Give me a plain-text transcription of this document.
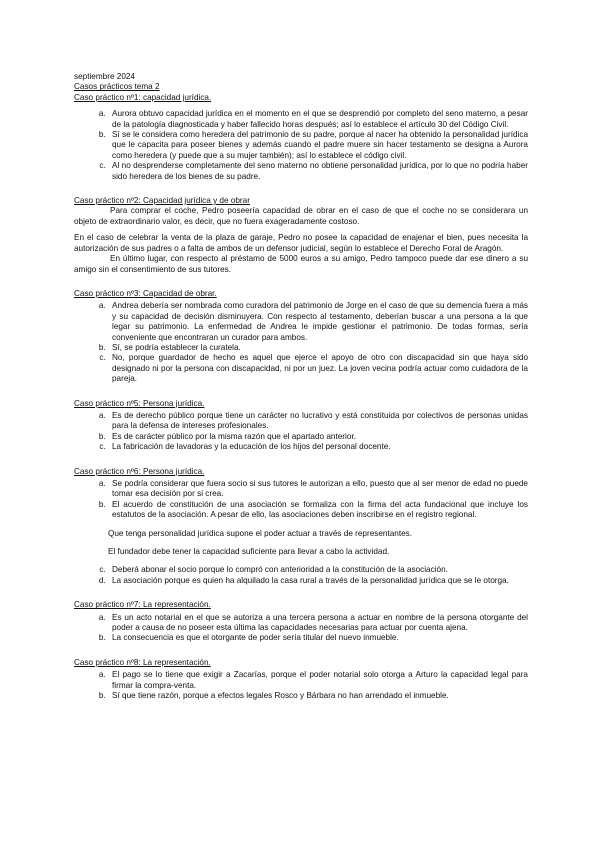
septiembre 2024

Casos prácticos tema 2

Caso práctico nº1: capacidad jurídica.

a. Aurora obtuvo capacidad jurídica en el momento en el que se desprendió por completo del seno materno, a pesar de la patología diagnosticada y haber fallecido horas después; así lo establece el artículo 30 del Código Civil.
b. Sí se le considera como heredera del patrimonio de su padre, porque al nacer ha obtenido la personalidad jurídica que le capacita para poseer bienes y además cuando el padre muere sin hacer testamento se designa a Aurora como heredera (y puede que a su mujer también); así lo establece el código civil.
c. Al no desprenderse completamente del seno materno no obtiene personalidad jurídica, por lo que no podría haber sido heredera de los bienes de su padre.

Caso práctico nº2: Capacidad jurídica y de obrar

Para comprar el coche, Pedro poseería capacidad de obrar en el caso de que el coche no se considerara un objeto de extraordinario valor, es decir, que no fuera exageradamente costoso.

En el caso de celebrar la venta de la plaza de garaje, Pedro no posee la capacidad de enajenar el bien, pues necesita la autorización de sus padres o a falta de ambos de un defensor judicial, según lo establece el Derecho Foral de Aragón.

En último lugar, con respecto al préstamo de 5000 euros a su amigo, Pedro tampoco puede dar ese dinero a su amigo sin el consentimiento de sus tutores.

Caso práctico nº3: Capacidad de obrar.

a. Andrea debería ser nombrada como curadora del patrimonio de Jorge en el caso de que su demencia fuera a más y su capacidad de decisión disminuyera. Con respecto al testamento, deberían buscar a una persona a la que legar su patrimonio. La enfermedad de Andrea le impide gestionar el patrimonio. De todas formas, sería conveniente que encontraran un curador para ambos.
b. Sí, se podría establecer la curatela.
c. No, porque guardador de hecho es aquel que ejerce el apoyo de otro con discapacidad sin que haya sido designado ni por la persona con discapacidad, ni por un juez. La joven vecina podría actuar como cuidadora de la pareja.

Caso práctico nº5: Persona jurídica.

a. Es de derecho público porque tiene un carácter no lucrativo y está constituida por colectivos de personas unidas para la defensa de intereses profesionales.
b. Es de carácter público por la misma razón que el apartado anterior.
c. La fabricación de lavadoras y la educación de los hijos del personal docente.

Caso práctico nº6: Persona jurídica.

a. Se podría considerar que fuera socio si sus tutores le autorizan a ello, puesto que al ser menor de edad no puede tomar esa decisión por si crea.
b. El acuerdo de constitución de una asociación se formaliza con la firma del acta fundacional que incluye los estatutos de la asociación. A pesar de ello, las asociaciones deben inscribirse en el registro regional.

Que tenga personalidad jurídica supone el poder actuar a través de representantes.

El fundador debe tener la capacidad suficiente para llevar a cabo la actividad.

c. Deberá abonar el socio porque lo compró con anterioridad a la constitución de la asociación.
d. La asociación porque es quien ha alquilado la casa rural a través de la personalidad jurídica que se le otorga.

Caso práctico nº7: La representación.

a. Es un acto notarial en el que se autoriza a una tercera persona a actuar en nombre de la persona otorgante del poder a causa de no poseer esta última las capacidades necesarias para actuar por cuenta ajena.
b. La consecuencia es que el otorgante de poder sería titular del nuevo inmueble.

Caso práctico nº8: La representación.

a. El pago se lo tiene que exigir a Zacarías, porque el poder notarial solo otorga a Arturo la capacidad legal para firmar la compra-venta.
b. Sí que tiene razón, porque a efectos legales Rosco y Bárbara no han arrendado el inmueble.
